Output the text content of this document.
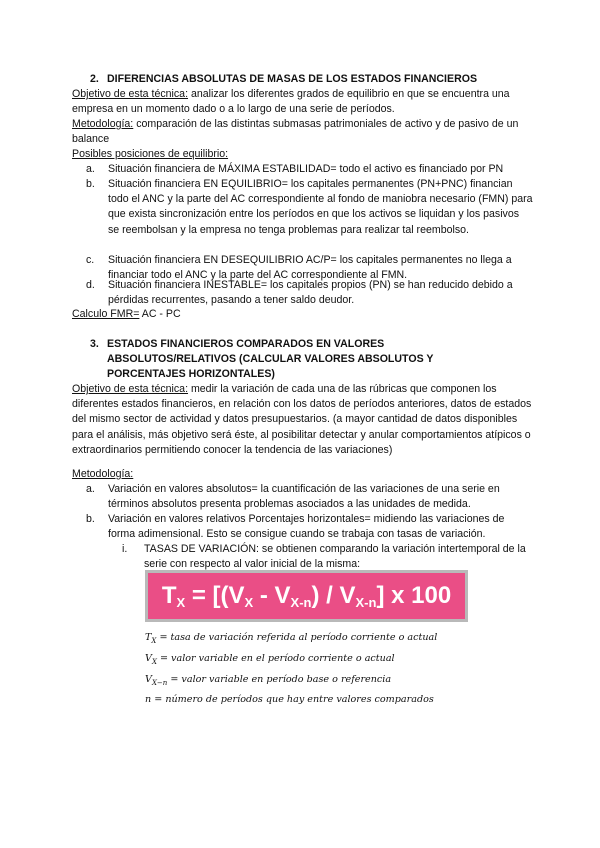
2. DIFERENCIAS ABSOLUTAS DE MASAS DE LOS ESTADOS FINANCIEROS
Objetivo de esta técnica: analizar los diferentes grados de equilibrio en que se encuentra una empresa en un momento dado o a lo largo de una serie de períodos.
Metodología: comparación de las distintas submasas patrimoniales de activo y de pasivo de un balance
Posibles posiciones de equilibrio:
a. Situación financiera de MÁXIMA ESTABILIDAD= todo el activo es financiado por PN
b. Situación financiera EN EQUILIBRIO= los capitales permanentes (PN+PNC) financian todo el ANC y la parte del AC correspondiente al fondo de maniobra necesario (FMN) para que exista sincronización entre los períodos en que los activos se liquidan y los pasivos se reembolsan y la empresa no tenga problemas para realizar tal reembolso.
c. Situación financiera EN DESEQUILIBRIO AC/P= los capitales permanentes no llega a financiar todo el ANC y la parte del AC correspondiente al FMN.
d. Situación financiera INESTABLE= los capitales propios (PN) se han reducido debido a pérdidas recurrentes, pasando a tener saldo deudor.
Calculo FMR= AC - PC
3. ESTADOS FINANCIEROS COMPARADOS EN VALORES ABSOLUTOS/RELATIVOS (CALCULAR VALORES ABSOLUTOS Y PORCENTAJES HORIZONTALES)
Objetivo de esta técnica: medir la variación de cada una de las rúbricas que componen los diferentes estados financieros, en relación con los datos de períodos anteriores, datos de estados del mismo sector de actividad y datos presupuestarios. (a mayor cantidad de datos disponibles para el análisis, más objetivo será éste, al posibilitar detectar y anular comportamientos atípicos o extraordinarios permitiendo conocer la tendencia de las variaciones)
Metodología:
a. Variación en valores absolutos= la cuantificación de las variaciones de una serie en términos absolutos presenta problemas asociados a las unidades de medida.
b. Variación en valores relativos Porcentajes horizontales= midiendo las variaciones de forma adimensional. Esto se consigue cuando se trabaja con tasas de variación.
i. TASAS DE VARIACIÓN: se obtienen comparando la variación intertemporal de la serie con respecto al valor inicial de la misma:
$T_X = [(V_X - V_{X-n}) / V_{X-n}]$ x 100
$T_X$ = tasa de variación referida al período corriente o actual
$V_X$ = valor variable en el período corriente o actual
$V_{X-n}$ = valor variable en período base o referencia
n = número de períodos que hay entre valores comparados
